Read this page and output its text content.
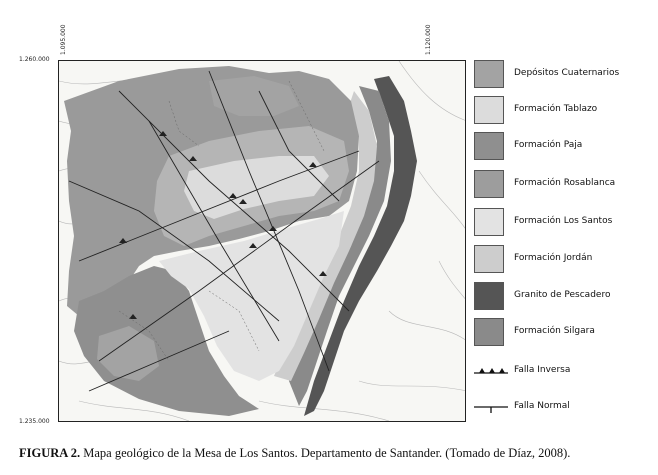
1.095.000	1.120.000
1.260.000
1.235.000
Depósitos Cuaternarios
Formación Tablazo
Formación Paja
Formación Rosablanca
Formación Los Santos
Formación Jordán
Granito de Pescadero
Formación Silgara
Falla Inversa
Falla Normal
FIGURA 2. Mapa geológico de la Mesa de Los Santos. Departamento de Santander. (Tomado de Díaz, 2008).
